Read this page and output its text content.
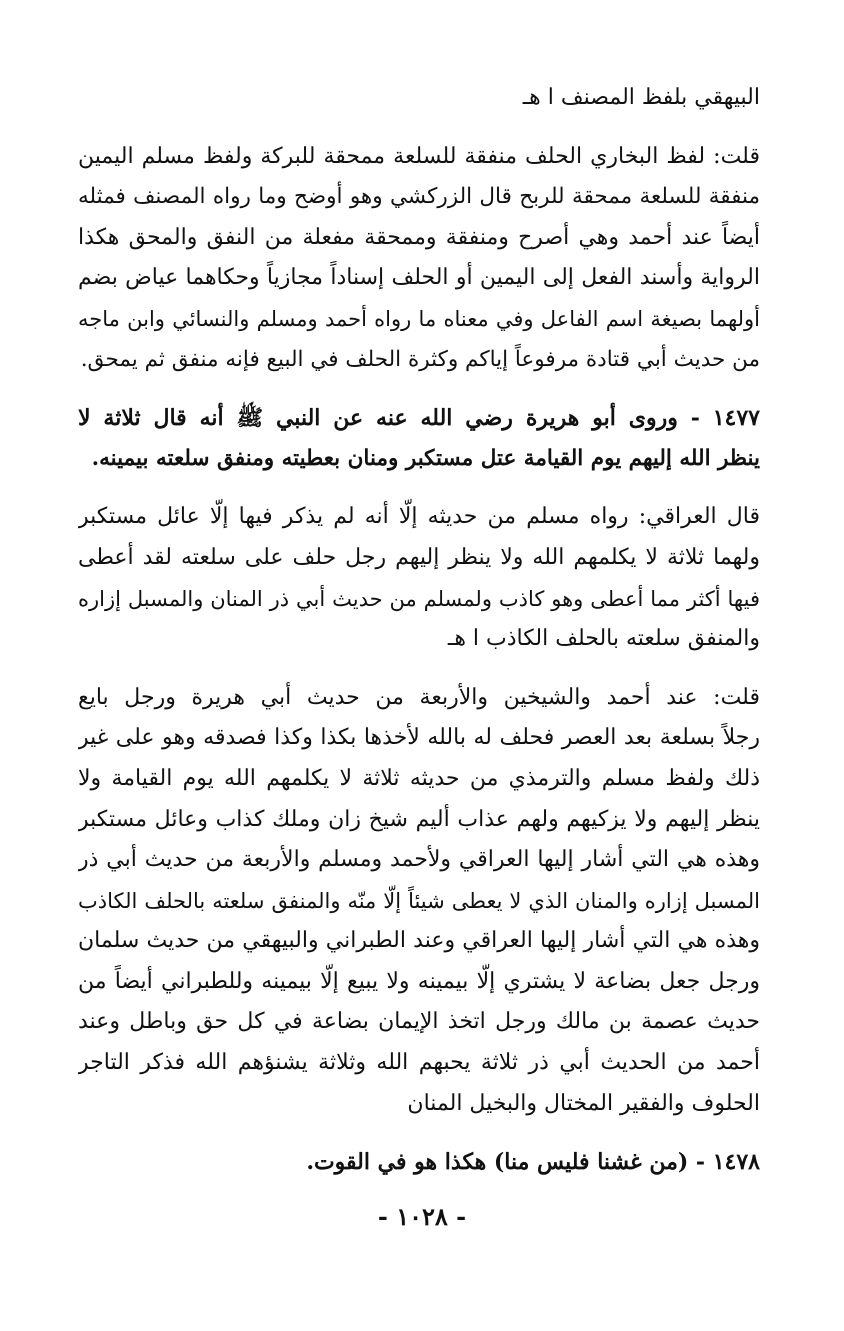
البيهقي بلفظ المصنف ا هـ
قلت: لفظ البخاري الحلف منفقة للسلعة ممحقة للبركة ولفظ مسلم اليمين
منفقة للسلعة ممحقة للربح قال الزركشي وهو أوضح وما رواه المصنف فمثله
أيضاً عند أحمد وهي أصرح ومنفقة وممحقة مفعلة من النفق والمحق هكذا
الرواية وأسند الفعل إلى اليمين أو الحلف إسناداً مجازياً وحكاهما عياض بضم
أولهما بصيغة اسم الفاعل وفي معناه ما رواه أحمد ومسلم والنسائي وابن ماجه
من حديث أبي قتادة مرفوعاً إياكم وكثرة الحلف في البيع فإنه منفق ثم يمحق.
١٤٧٧ - وروى أبو هريرة رضي الله عنه عن النبي ﷺ أنه قال ثلاثة لا
ينظر الله إليهم يوم القيامة عتل مستكبر ومنان بعطيته ومنفق سلعته بيمينه.
قال العراقي: رواه مسلم من حديثه إلّا أنه لم يذكر فيها إلّا عائل مستكبر
ولهما ثلاثة لا يكلمهم الله ولا ينظر إليهم رجل حلف على سلعته لقد أعطى
فيها أكثر مما أعطى وهو كاذب ولمسلم من حديث أبي ذر المنان والمسبل إزاره
والمنفق سلعته بالحلف الكاذب ا هـ
قلت: عند أحمد والشيخين والأربعة من حديث أبي هريرة ورجل بايع
رجلاً بسلعة بعد العصر فحلف له بالله لأخذها بكذا وكذا فصدقه وهو على غير
ذلك ولفظ مسلم والترمذي من حديثه ثلاثة لا يكلمهم الله يوم القيامة ولا
ينظر إليهم ولا يزكيهم ولهم عذاب أليم شيخ زان وملك كذاب وعائل مستكبر
وهذه هي التي أشار إليها العراقي ولأحمد ومسلم والأربعة من حديث أبي ذر
المسبل إزاره والمنان الذي لا يعطى شيئاً إلّا منّه والمنفق سلعته بالحلف الكاذب
وهذه هي التي أشار إليها العراقي وعند الطبراني والبيهقي من حديث سلمان
ورجل جعل بضاعة لا يشتري إلّا بيمينه ولا يبيع إلّا بيمينه وللطبراني أيضاً من
حديث عصمة بن مالك ورجل اتخذ الإيمان بضاعة في كل حق وباطل وعند
أحمد من الحديث أبي ذر ثلاثة يحبهم الله وثلاثة يشنؤهم الله فذكر التاجر
الحلوف والفقير المختال والبخيل المنان
١٤٧٨ - (من غشنا فليس منا) هكذا هو في القوت.
- ١٠٢٨ -
